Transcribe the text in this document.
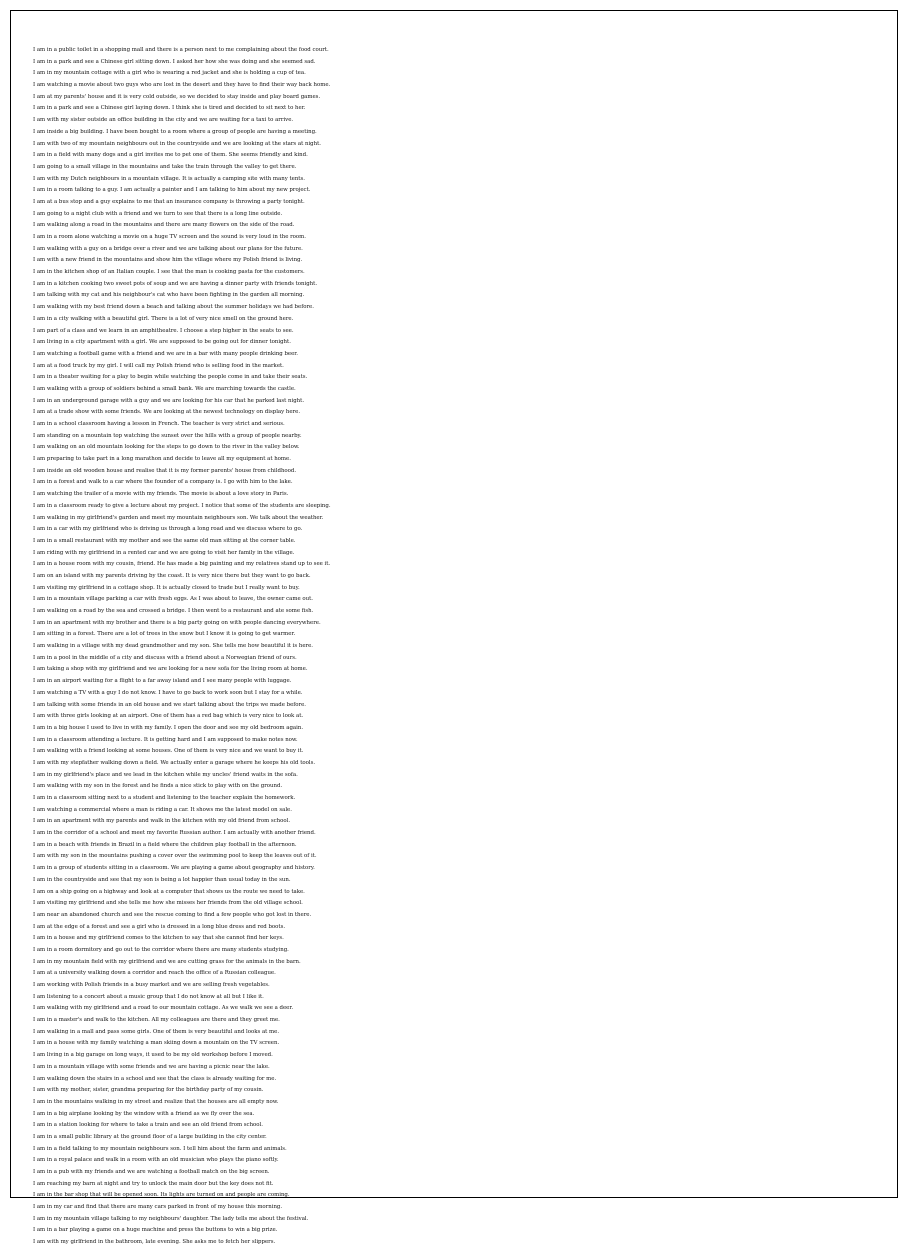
I am in a public toilet in a shopping mall and there is a person next to me complaining about the food court.
I am in a park and see a Chinese girl sitting down. I asked her how she was doing and she seemed sad.
I am in my mountain cottage with a girl who is wearing a red jacket and she is holding a cup of tea.
I am watching a movie about two guys who are lost in the desert and they have to find their way back home.
I am at my parents' house and it is very cold outside, so we decided to stay inside and play board games.
I am in a park and see a Chinese girl laying down. I think she is tired and decided to sit next to her.
I am with my sister outside an office building in the city and we are waiting for a taxi to arrive.
I am inside a big building. I have been bought to a room where a group of people are having a meeting.
I am with two of my mountain neighbours out in the countryside and we are looking at the stars at night.
I am in a field with many dogs and a girl invites me to pet one of them. She seems friendly and kind.
I am going to a small village in the mountains and take the train through the valley to get there.
I am with my Dutch neighbours in a mountain village. It is actually a camping site with many tents.
I am in a room talking to a guy. I am actually a painter and I am talking to him about my new project.
I am at a bus stop and a guy explains to me that an insurance company is throwing a party tonight.
I am going to a night club with a friend and we turn to see that there is a long line outside.
I am walking along a road in the mountains and there are many flowers on the side of the road.
I am in a room alone watching a movie on a huge TV screen and the sound is very loud in the room.
I am walking with a guy on a bridge over a river and we are talking about our plans for the future.
I am with a new friend in the mountains and show him the village where my Polish friend is living.
I am in the kitchen shop of an Italian couple. I see that the man is cooking pasta for the customers.
I am in a kitchen cooking two sweet pots of soup and we are having a dinner party with friends tonight.
I am talking with my cat and his neighbour's cat who have been fighting in the garden all morning.
I am walking with my best friend down a beach and talking about the summer holidays we had before.
I am in a city walking with a beautiful girl. There is a lot of very nice smell on the ground here.
I am part of a class and we learn in an amphitheatre. I choose a step higher in the seats to see.
I am living in a city apartment with a girl. We are supposed to be going out for dinner tonight.
I am watching a football game with a friend and we are in a bar with many people drinking beer.
I am at a food truck by my girl. I will call my Polish friend who is selling food in the market.
I am in a theater waiting for a play to begin while watching the people come in and take their seats.
I am walking with a group of soldiers behind a small bank. We are marching towards the castle.
I am in an underground garage with a guy and we are looking for his car that he parked last night.
I am at a trade show with some friends. We are looking at the newest technology on display here.
I am in a school classroom having a lesson in French. The teacher is very strict and serious.
I am standing on a mountain top watching the sunset over the hills with a group of people nearby.
I am walking on an old mountain looking for the steps to go down to the river in the valley below.
I am preparing to take part in a long marathon and decide to leave all my equipment at home.
I am inside an old wooden house and realise that it is my former parents' house from childhood.
I am in a forest and walk to a car where the founder of a company is. I go with him to the lake.
I am watching the trailer of a movie with my friends. The movie is about a love story in Paris.
I am in a classroom ready to give a lecture about my project. I notice that some of the students are sleeping.
I am walking in my girlfriend's garden and meet my mountain neighbours son. We talk about the weather.
I am in a car with my girlfriend who is driving us through a long road and we discuss where to go.
I am in a small restaurant with my mother and see the same old man sitting at the corner table.
I am riding with my girlfriend in a rented car and we are going to visit her family in the village.
I am in a house room with my cousin, friend. He has made a big painting and my relatives stand up to see it.
I am on an island with my parents driving by the coast. It is very nice there but they want to go back.
I am visiting my girlfriend in a cottage shop. It is actually closed to trade but I really want to buy.
I am in a mountain village parking a car with fresh eggs. As I was about to leave, the owner came out.
I am walking on a road by the sea and crossed a bridge. I then went to a restaurant and ate some fish.
I am in an apartment with my brother and there is a big party going on with people dancing everywhere.
I am sitting in a forest. There are a lot of trees in the snow but I know it is going to get warmer.
I am walking in a village with my dead grandmother and my son. She tells me how beautiful it is here.
I am in a pool in the middle of a city and discuss with a friend about a Norwegian friend of ours.
I am taking a shop with my girlfriend and we are looking for a new sofa for the living room at home.
I am in an airport waiting for a flight to a far away island and I see many people with luggage.
I am watching a TV with a guy I do not know. I have to go back to work soon but I stay for a while.
I am talking with some friends in an old house and we start talking about the trips we made before.
I am with three girls looking at an airport. One of them has a red bag which is very nice to look at.
I am in a big house I used to live in with my family. I open the door and see my old bedroom again.
I am in a classroom attending a lecture. It is getting hard and I am supposed to make notes now.
I am walking with a friend looking at some houses. One of them is very nice and we want to buy it.
I am with my stepfather walking down a field. We actually enter a garage where he keeps his old tools.
I am in my girlfriend's place and we lead in the kitchen while my uncles' friend waits in the sofa.
I am walking with my son in the forest and he finds a nice stick to play with on the ground.
I am in a classroom sitting next to a student and listening to the teacher explain the homework.
I am watching a commercial where a man is riding a car. It shows me the latest model on sale.
I am in an apartment with my parents and walk in the kitchen with my old friend from school.
I am in the corridor of a school and meet my favorite Russian author. I am actually with another friend.
I am in a beach with friends in Brazil in a field where the children play football in the afternoon.
I am with my son in the mountains pushing a cover over the swimming pool to keep the leaves out of it.
I am in a group of students sitting in a classroom. We are playing a game about geography and history.
I am in the countryside and see that my son is being a lot happier than usual today in the sun.
I am on a ship going on a highway and look at a computer that shows us the route we need to take.
I am visiting my girlfriend and she tells me how she misses her friends from the old village school.
I am near an abandoned church and see the rescue coming to find a few people who got lost in there.
I am at the edge of a forest and see a girl who is dressed in a long blue dress and red boots.
I am in a house and my girlfriend comes to the kitchen to say that she cannot find her keys.
I am in a room dormitory and go out to the corridor where there are many students studying.
I am in my mountain field with my girlfriend and we are cutting grass for the animals in the barn.
I am at a university walking down a corridor and reach the office of a Russian colleague.
I am working with Polish friends in a busy market and we are selling fresh vegetables.
I am listening to a concert about a music group that I do not know at all but I like it.
I am walking with my girlfriend and a road to our mountain cottage. As we walk we see a deer.
I am in a master's and walk to the kitchen. All my colleagues are there and they greet me.
I am walking in a mall and pass some girls. One of them is very beautiful and looks at me.
I am in a house with my family watching a man skiing down a mountain on the TV screen.
I am living in a big garage on long ways, it used to be my old workshop before I moved.
I am in a mountain village with some friends and we are having a picnic near the lake.
I am walking down the stairs in a school and see that the class is already waiting for me.
I am with my mother, sister, grandma preparing for the birthday party of my cousin.
I am in the mountains walking in my street and realize that the houses are all empty now.
I am in a big airplane looking by the window with a friend as we fly over the sea.
I am in a station looking for where to take a train and see an old friend from school.
I am in a small public library at the ground floor of a large building in the city center.
I am in a field talking to my mountain neighbours son. I tell him about the farm and animals.
I am in a royal palace and walk in a room with an old musician who plays the piano softly.
I am in a pub with my friends and we are watching a football match on the big screen.
I am reaching my barn at night and try to unlock the main door but the key does not fit.
I am in the bar shop that will be opened soon. Its lights are turned on and people are coming.
I am in my car and find that there are many cars parked in front of my house this morning.
I am in my mountain village talking to my neighbours' daughter. The lady tells me about the festival.
I am in a bar playing a game on a huge machine and press the buttons to win a big prize.
I am with my girlfriend in the bathroom, late evening. She asks me to fetch her slippers.
